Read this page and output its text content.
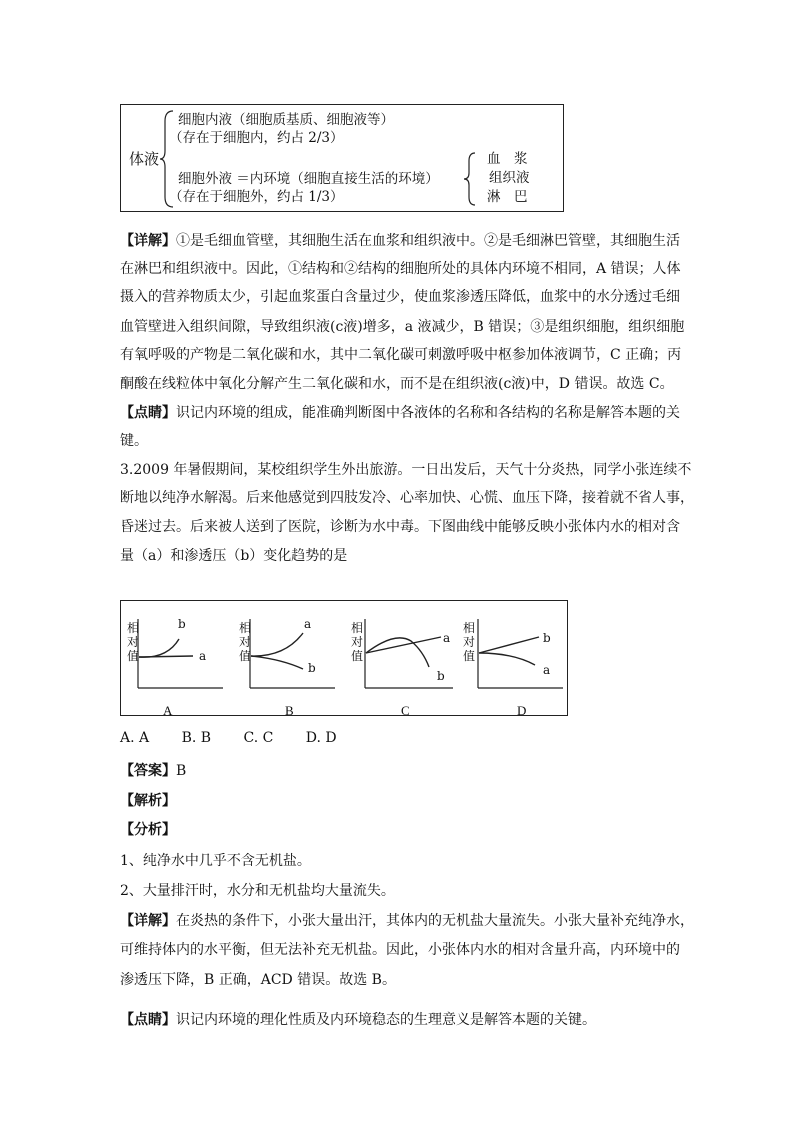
体液
细胞内液（细胞质基质、细胞液等）
（存在于细胞内，约占 2/3）
细胞外液 ＝内环境（细胞直接生活的环境）
（存在于细胞外，约占 1/3）
血　浆
组织液
淋　巴
【详解】①是毛细血管壁，其细胞生活在血浆和组织液中。②是毛细淋巴管壁，其细胞生活
在淋巴和组织液中。因此，①结构和②结构的细胞所处的具体内环境不相同，A 错误；人体
摄入的营养物质太少，引起血浆蛋白含量过少，使血浆渗透压降低，血浆中的水分透过毛细
血管壁进入组织间隙，导致组织液(c液)增多，a 液减少，B 错误；③是组织细胞，组织细胞
有氧呼吸的产物是二氧化碳和水，其中二氧化碳可刺激呼吸中枢参加体液调节，C 正确；丙
酮酸在线粒体中氧化分解产生二氧化碳和水，而不是在组织液(c液)中，D 错误。故选 C。
【点睛】识记内环境的组成，能准确判断图中各液体的名称和各结构的名称是解答本题的关
键。
3.2009 年暑假期间，某校组织学生外出旅游。一日出发后，天气十分炎热，同学小张连续不
断地以纯净水解渴。后来他感觉到四肢发冷、心率加快、心慌、血压下降，接着就不省人事，
昏迷过去。后来被人送到了医院，诊断为水中毒。下图曲线中能够反映小张体内水的相对含
量（a）和渗透压（b）变化趋势的是
相
对
值
b
a
A
相
对
值
a
b
B
相
对
值
a
b
C
相
对
值
b
a
D
A. A　　 B. B　　 C. C　　 D. D
【答案】B
【解析】
【分析】
1、纯净水中几乎不含无机盐。
2、大量排汗时，水分和无机盐均大量流失。
【详解】在炎热的条件下，小张大量出汗，其体内的无机盐大量流失。小张大量补充纯净水，
可维持体内的水平衡，但无法补充无机盐。因此，小张体内水的相对含量升高，内环境中的
渗透压下降，B 正确，ACD 错误。故选 B。
【点睛】识记内环境的理化性质及内环境稳态的生理意义是解答本题的关键。
